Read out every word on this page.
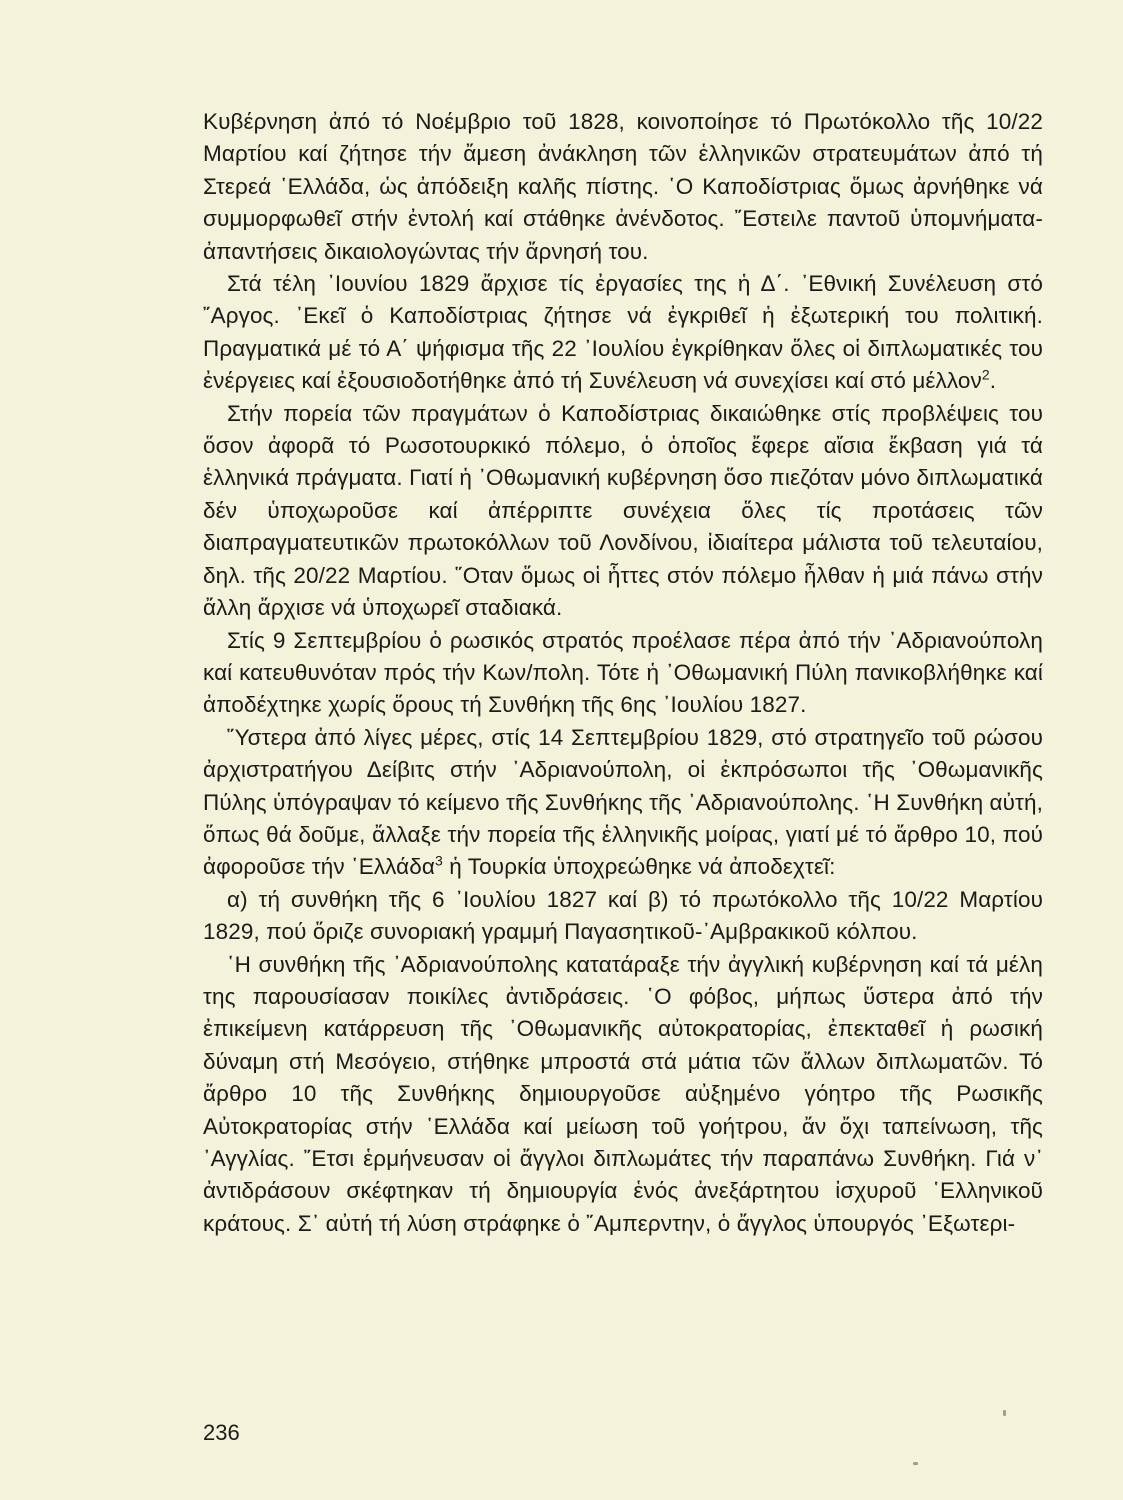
Κυβέρνηση ἀπό τό Νοέμβριο τοῦ 1828, κοινοποίησε τό Πρωτόκολλο τῆς 10/22 Μαρτίου καί ζήτησε τήν ἄμεση ἀνάκληση τῶν ἑλληνικῶν στρατευμάτων ἀπό τή Στερεά ῾Ελλάδα, ὡς ἀπόδειξη καλῆς πίστης. ῾Ο Καποδίστριας ὅμως ἀρνήθηκε νά συμμορφωθεῖ στήν ἐντολή καί στάθηκε ἀνένδοτος. ῎Εστειλε παντοῦ ὑπομνήματα-ἀπαντήσεις δικαιολογώντας τήν ἄρνησή του.

Στά τέλη ᾿Ιουνίου 1829 ἄρχισε τίς ἐργασίες της ἡ Δ΄. ᾿Εθνική Συνέλευση στό ῎Αργος. ᾿Εκεῖ ὁ Καποδίστριας ζήτησε νά ἐγκριθεῖ ἡ ἐξωτερική του πολιτική. Πραγματικά μέ τό Α΄ ψήφισμα τῆς 22 ᾿Ιουλίου ἐγκρίθηκαν ὅλες οἱ διπλωματικές του ἐνέργειες καί ἐξουσιοδοτήθηκε ἀπό τή Συνέλευση νά συνεχίσει καί στό μέλλον$^2$.

Στήν πορεία τῶν πραγμάτων ὁ Καποδίστριας δικαιώθηκε στίς προβλέψεις του ὅσον ἀφορᾶ τό Ρωσοτουρκικό πόλεμο, ὁ ὁποῖος ἔφερε αἴσια ἔκβαση γιά τά ἑλληνικά πράγματα. Γιατί ἡ ᾿Οθωμανική κυβέρνηση ὅσο πιεζόταν μόνο διπλωματικά δέν ὑποχωροῦσε καί ἀπέρριπτε συνέχεια ὅλες τίς προτάσεις τῶν διαπραγματευτικῶν πρωτοκόλλων τοῦ Λονδίνου, ἰδιαίτερα μάλιστα τοῦ τελευταίου, δηλ. τῆς 20/22 Μαρτίου. ῞Οταν ὅμως οἱ ἧττες στόν πόλεμο ἦλθαν ἡ μιά πάνω στήν ἄλλη ἄρχισε νά ὑποχωρεῖ σταδιακά.

Στίς 9 Σεπτεμβρίου ὁ ρωσικός στρατός προέλασε πέρα ἀπό τήν ᾿Αδριανούπολη καί κατευθυνόταν πρός τήν Κων/πολη. Τότε ἡ ᾿Οθωμανική Πύλη πανικοβλήθηκε καί ἀποδέχτηκε χωρίς ὅρους τή Συνθήκη τῆς 6ης ᾿Ιουλίου 1827.

῞Υστερα ἀπό λίγες μέρες, στίς 14 Σεπτεμβρίου 1829, στό στρατηγεῖο τοῦ ρώσου ἀρχιστρατήγου Δείβιτς στήν ᾿Αδριανούπολη, οἱ ἐκπρόσωποι τῆς ᾿Οθωμανικῆς Πύλης ὑπόγραψαν τό κείμενο τῆς Συνθήκης τῆς ᾿Αδριανούπολης. ῾Η Συνθήκη αὐτή, ὅπως θά δοῦμε, ἄλλαξε τήν πορεία τῆς ἑλληνικῆς μοίρας, γιατί μέ τό ἄρθρο 10, πού ἀφοροῦσε τήν ῾Ελλάδα$^3$ ἡ Τουρκία ὑποχρεώθηκε νά ἀποδεχτεῖ:

α) τή συνθήκη τῆς 6 ᾿Ιουλίου 1827 καί β) τό πρωτόκολλο τῆς 10/22 Μαρτίου 1829, πού ὅριζε συνοριακή γραμμή Παγασητικοῦ-᾿Αμβρακικοῦ κόλπου.

῾Η συνθήκη τῆς ᾿Αδριανούπολης κατατάραξε τήν ἀγγλική κυβέρνηση καί τά μέλη της παρουσίασαν ποικίλες ἀντιδράσεις. ῾Ο φόβος, μήπως ὕστερα ἀπό τήν ἐπικείμενη κατάρρευση τῆς ᾿Οθωμανικῆς αὐτοκρατορίας, ἐπεκταθεῖ ἡ ρωσική δύναμη στή Μεσόγειο, στήθηκε μπροστά στά μάτια τῶν ἄλλων διπλωματῶν. Τό ἄρθρο 10 τῆς Συνθήκης δημιουργοῦσε αὐξημένο γόητρο τῆς Ρωσικῆς Αὐτοκρατορίας στήν ῾Ελλάδα καί μείωση τοῦ γοήτρου, ἄν ὄχι ταπείνωση, τῆς ᾿Αγγλίας. ῎Ετσι ἑρμήνευσαν οἱ ἄγγλοι διπλωμάτες τήν παραπάνω Συνθήκη. Γιά ν᾿ ἀντιδράσουν σκέφτηκαν τή δημιουργία ἑνός ἀνεξάρτητου ἰσχυροῦ ῾Ελληνικοῦ κράτους. Σ᾿ αὐτή τή λύση στράφηκε ὁ ῎Αμπερντην, ὁ ἄγγλος ὑπουργός ᾿Εξωτερι-

236
